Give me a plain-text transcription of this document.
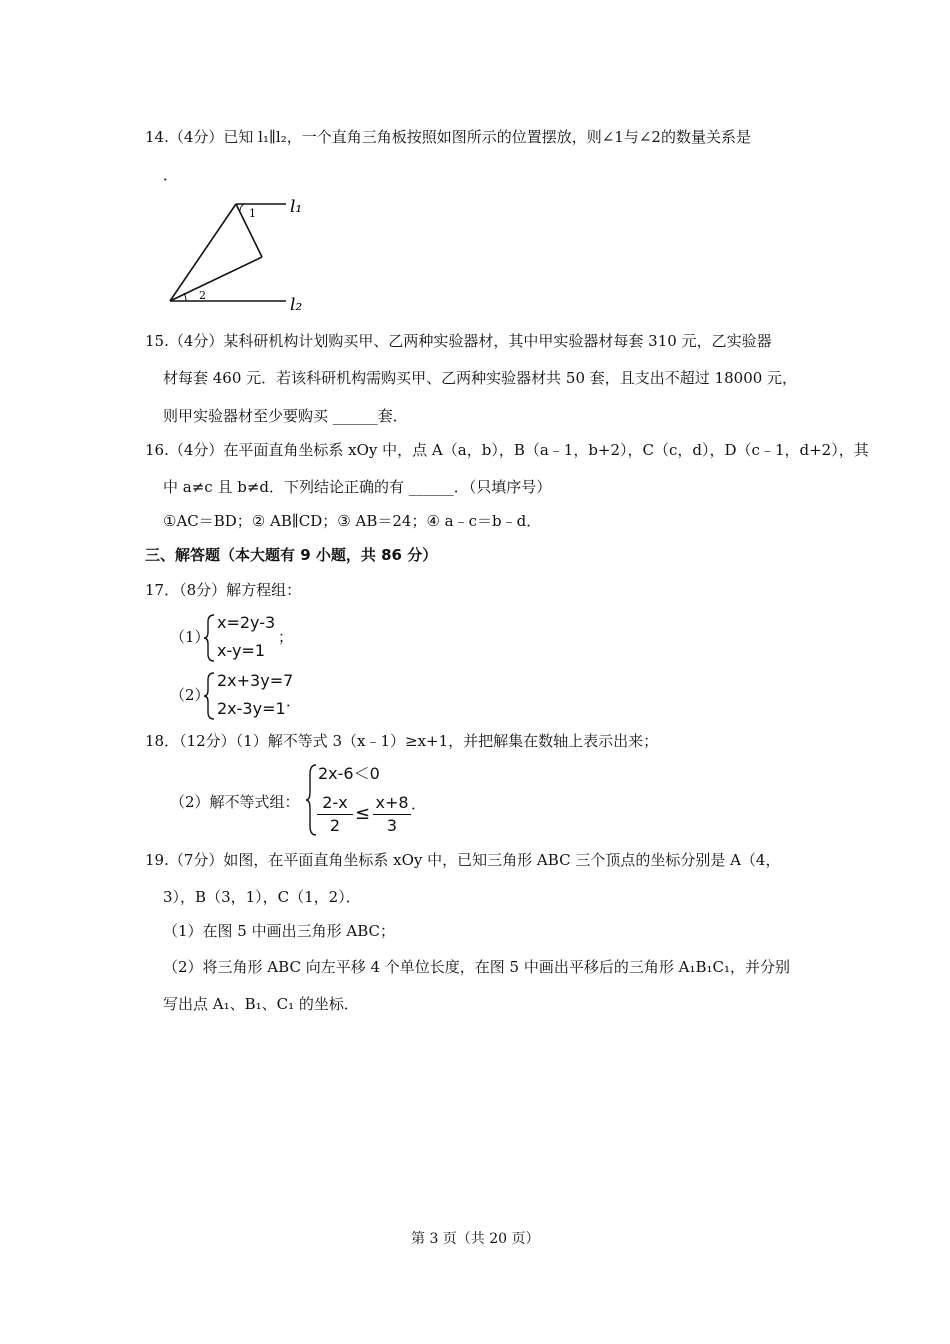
14.（4分）已知 l₁∥l₂，一个直角三角板按照如图所示的位置摆放，则∠1与∠2的数量关系是
．
1
2
l₁
l₂
15.（4分）某科研机构计划购买甲、乙两种实验器材，其中甲实验器材每套 310 元，乙实验器
材每套 460 元．若该科研机构需购买甲、乙两种实验器材共 50 套，且支出不超过 18000 元，
则甲实验器材至少要购买 ______套．
16.（4分）在平面直角坐标系 xOy 中，点 A（a，b），B（a﹣1，b+2），C（c，d），D（c﹣1，d+2），其
中 a≠c 且 b≠d．下列结论正确的有 ______．（只填序号）
①AC＝BD；② AB∥CD；③ AB＝24；④ a﹣c＝b﹣d．
三、解答题（本大题有 9 小题，共 86 分）
17．（8分）解方程组：
（1）
x=2y-3
x-y=1
；
（2）
2x+3y=7
2x-3y=1 ．
18．（12分）（1）解不等式 3（x﹣1）≥x+1，并把解集在数轴上表示出来；
（2）解不等式组：
2x-6＜0
2-x
2
≤
x+8
3
．
19.（7分）如图，在平面直角坐标系 xOy 中，已知三角形 ABC 三个顶点的坐标分别是 A（4，
3），B（3，1），C（1，2）．
（1）在图 5 中画出三角形 ABC；
（2）将三角形 ABC 向左平移 4 个单位长度，在图 5 中画出平移后的三角形 A₁B₁C₁，并分别
写出点 A₁、B₁、C₁ 的坐标．
第 3 页（共 20 页）
